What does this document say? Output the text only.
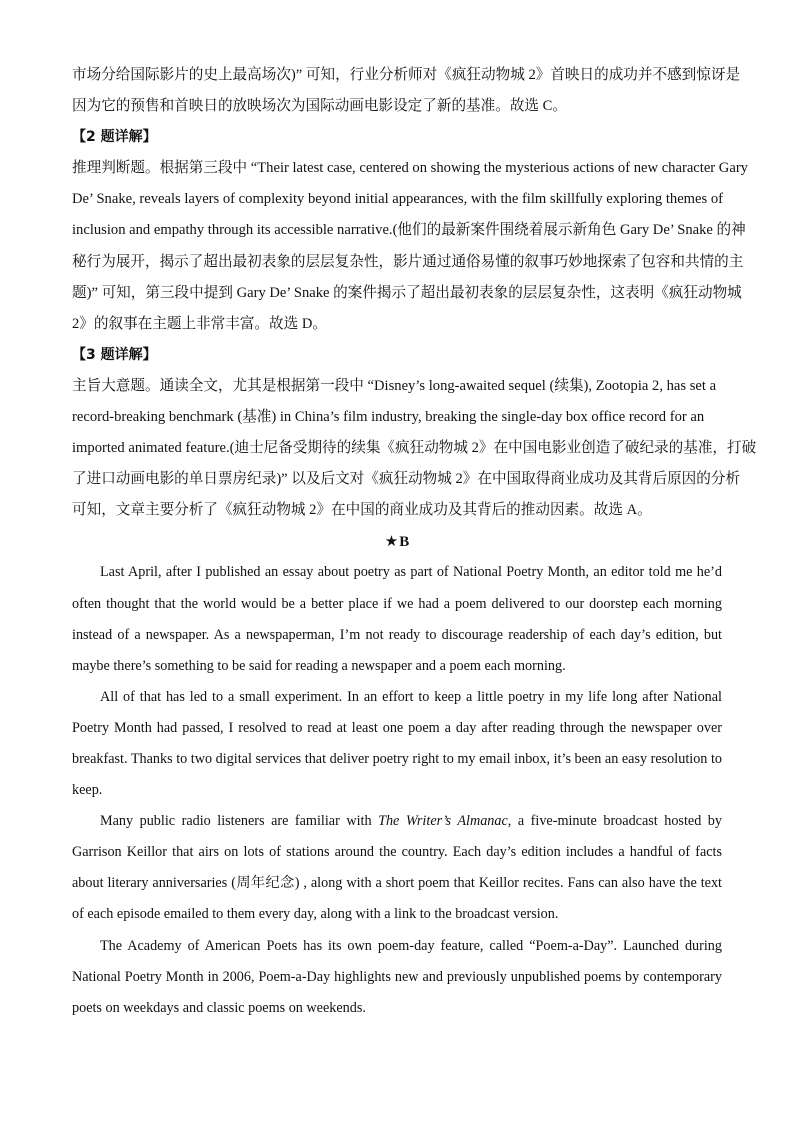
市场分给国际影片的史上最高场次)” 可知，行业分析师对《疯狂动物城 2》首映日的成功并不感到惊讶是
因为它的预售和首映日的放映场次为国际动画电影设定了新的基准。故选 C。
【2 题详解】
推理判断题。根据第三段中 “Their latest case, centered on showing the mysterious actions of new character Gary
De’ Snake, reveals layers of complexity beyond initial appearances, with the film skillfully exploring themes of
inclusion and empathy through its accessible narrative.(他们的最新案件围绕着展示新角色 Gary De’ Snake 的神
秘行为展开，揭示了超出最初表象的层层复杂性，影片通过通俗易懂的叙事巧妙地探索了包容和共情的主
题)” 可知，第三段中提到 Gary De’ Snake 的案件揭示了超出最初表象的层层复杂性，这表明《疯狂动物城
2》的叙事在主题上非常丰富。故选 D。
【3 题详解】
主旨大意题。通读全文，尤其是根据第一段中 “Disney’s long-awaited sequel (续集), Zootopia 2, has set a
record-breaking benchmark (基准) in China’s film industry, breaking the single-day box office record for an
imported animated feature.(迪士尼备受期待的续集《疯狂动物城 2》在中国电影业创造了破纪录的基准，打破
了进口动画电影的单日票房纪录)” 以及后文对《疯狂动物城 2》在中国取得商业成功及其背后原因的分析
可知，文章主要分析了《疯狂动物城 2》在中国的商业成功及其背后的推动因素。故选 A。
★B

Last April, after I published an essay about poetry as part of National Poetry Month, an editor told me he’d often thought that the world would be a better place if we had a poem delivered to our doorstep each morning instead of a newspaper. As a newspaperman, I’m not ready to discourage readership of each day’s edition, but maybe there’s something to be said for reading a newspaper and a poem each morning.

All of that has led to a small experiment. In an effort to keep a little poetry in my life long after National Poetry Month had passed, I resolved to read at least one poem a day after reading through the newspaper over breakfast. Thanks to two digital services that deliver poetry right to my email inbox, it’s been an easy resolution to keep.

Many public radio listeners are familiar with The Writer’s Almanac, a five-minute broadcast hosted by Garrison Keillor that airs on lots of stations around the country. Each day’s edition includes a handful of facts about literary anniversaries (周年纪念) , along with a short poem that Keillor recites. Fans can also have the text of each episode emailed to them every day, along with a link to the broadcast version.

The Academy of American Poets has its own poem-day feature, called “Poem-a-Day”. Launched during National Poetry Month in 2006, Poem-a-Day highlights new and previously unpublished poems by contemporary poets on weekdays and classic poems on weekends.
